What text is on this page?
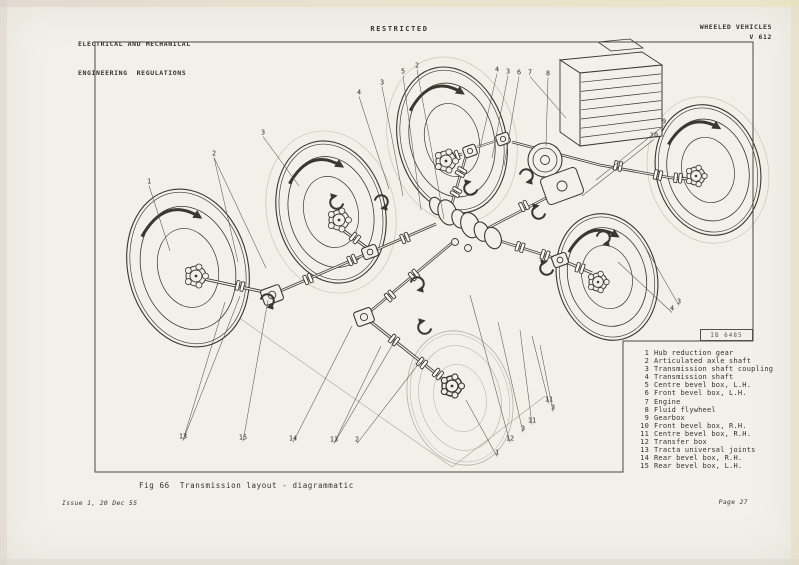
ELECTRICAL AND MECHANICAL

ENGINEERING  REGULATIONS

RESTRICTED	WHEELED VEHICLES
V 612
4
3
5
2	4 3 6 7 8
3
2
1
9
10
4
3
13	15	14	13 2
1
12
3
11
11
3
IB 6485
1 Hub reduction gear
2 Articulated axle shaft
3 Transmission shaft coupling
4 Transmission shaft
5 Centre bevel box, L.H.
6 Front bevel box, L.H.
7 Engine
8 Fluid flywheel
9 Gearbox
10 Front bevel box, R.H.
11 Centre bevel box, R.H.
12 Transfer box
13 Tracta universal joints
14 Rear bevel box, R.H.
15 Rear bevel box, L.H.
Fig 66  Transmission layout - diagrammatic
Issue 1, 20 Dec 55	Page 27
